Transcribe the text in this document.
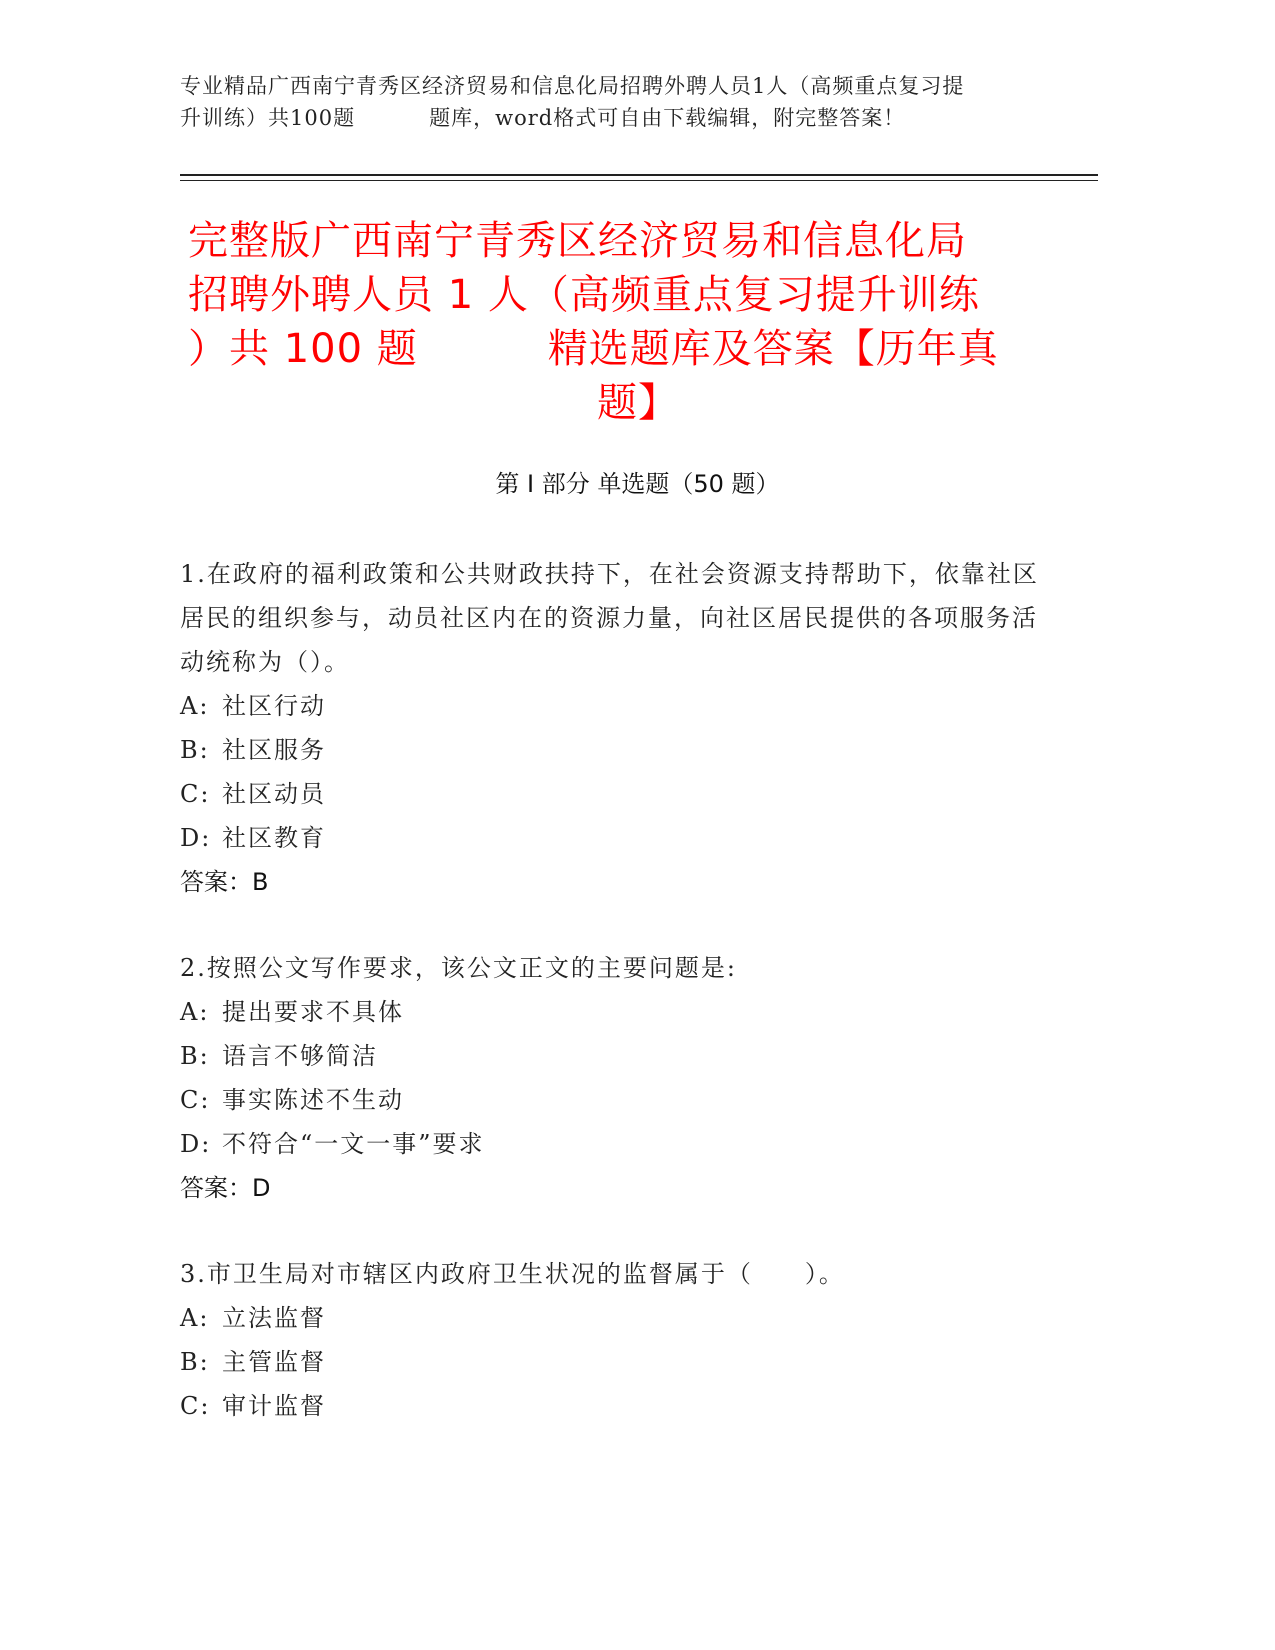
专业精品广西南宁青秀区经济贸易和信息化局招聘外聘人员1人（高频重点复习提
升训练）共100题	题库，word格式可自由下载编辑，附完整答案！
完整版广西南宁青秀区经济贸易和信息化局
招聘外聘人员 1 人（高频重点复习提升训练
）共 100 题	精选题库及答案【历年真
题】
第 I 部分 单选题（50 题）
1.在政府的福利政策和公共财政扶持下，在社会资源支持帮助下，依靠社区居民的组织参与，动员社区内在的资源力量，向社区居民提供的各项服务活动统称为（）。
A: 社区行动
B: 社区服务
C: 社区动员
D: 社区教育
答案：B
2.按照公文写作要求，该公文正文的主要问题是:
A: 提出要求不具体
B: 语言不够简洁
C: 事实陈述不生动
D: 不符合“一文一事”要求
答案：D
3.市卫生局对市辖区内政府卫生状况的监督属于（　　）。
A: 立法监督
B: 主管监督
C: 审计监督
